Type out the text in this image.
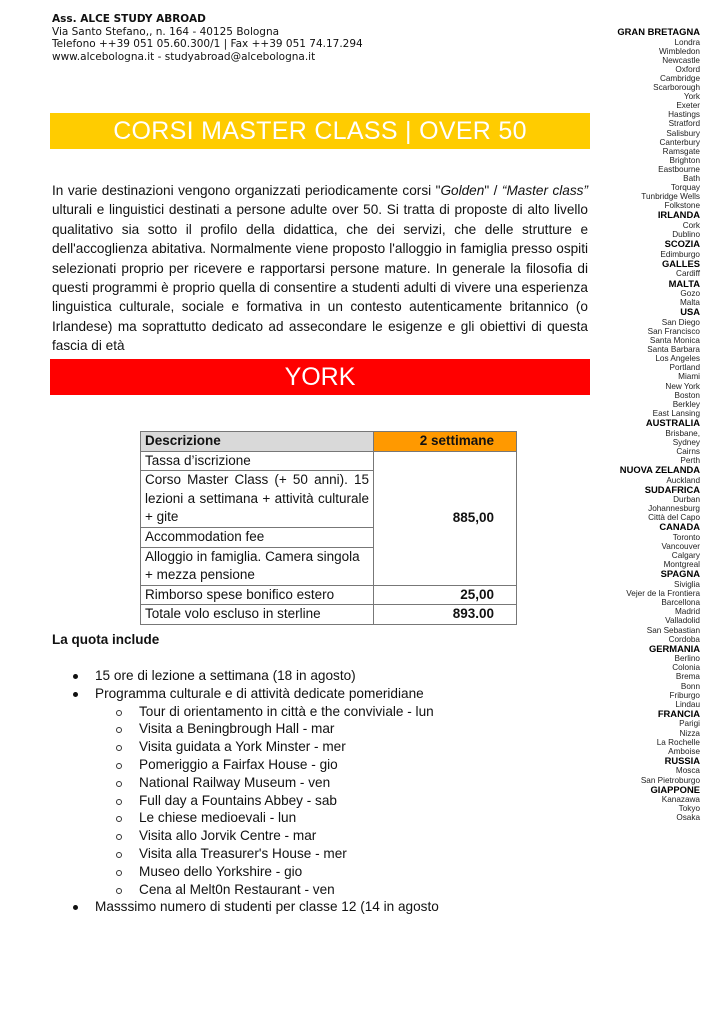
Ass. ALCE STUDY ABROAD
Via Santo Stefano,, n. 164 - 40125 Bologna
Telefono ++39 051 05.60.300/1 | Fax ++39 051 74.17.294
www.alcebologna.it - studyabroad@alcebologna.it
CORSI MASTER CLASS | OVER 50
In varie destinazioni vengono organizzati periodicamente corsi "Golden" / “Master class” ulturali e linguistici destinati a persone adulte over 50. Si tratta di proposte di alto livello qualitativo sia sotto il profilo della didattica, che dei servizi, che delle strutture e dell'accoglienza abitativa. Normalmente viene proposto l'alloggio in famiglia presso ospiti selezionati proprio per ricevere e rapportarsi persone mature. In generale la filosofia di questi programmi è proprio quella di consentire a studenti adulti di vivere una esperienza linguistica culturale, sociale e formativa in un contesto autenticamente britannico (o Irlandese) ma soprattutto dedicato ad assecondare le esigenze e gli obiettivi di questa fascia di età
YORK
Descrizione	2 settimane
Tassa d’iscrizione	885,00
Corso Master Class (+ 50 anni). 15 lezioni a settimana + attività culturale + gite	
Accommodation fee	
Alloggio in famiglia. Camera singola + mezza pensione	
Rimborso spese bonifico estero	25,00
Totale volo escluso in sterline	893.00
La quota include
15 ore di lezione a settimana (18 in agosto)
Programma culturale e di attività dedicate pomeridiane
Tour di orientamento in città e the conviviale - lun
Visita a Beningbrough Hall - mar
Visita guidata a York Minster - mer
Pomeriggio a Fairfax House - gio
National Railway Museum - ven
Full day a Fountains Abbey - sab
Le chiese medioevali - lun
Visita allo Jorvik Centre - mar
Visita alla Treasurer's House - mer
Museo dello Yorkshire - gio
Cena al Melt0n Restaurant - ven
Masssimo numero di studenti per classe 12 (14 in agosto
GRAN BRETAGNA
Londra
Wimbledon
Newcastle
Oxford
Cambridge
Scarborough
York
Exeter
Hastings
Stratford
Salisbury
Canterbury
Ramsgate
Brighton
Eastbourne
Bath
Torquay
Tunbridge Wells
Folkstone
IRLANDA
Cork
Dublino
SCOZIA
Edimburgo
GALLES
Cardiff
MALTA
Gozo
Malta
USA
San Diego
San Francisco
Santa Monica
Santa Barbara
Los Angeles
Portland
Miami
New York
Boston
Berkley
East Lansing
AUSTRALIA
Brisbane,
Sydney
Cairns
Perth
NUOVA ZELANDA
Auckland
SUDAFRICA
Durban
Johannesburg
Città del Capo
CANADA
Toronto
Vancouver
Calgary
Montgreal
SPAGNA
Siviglia
Vejer de la Frontiera
Barcellona
Madrid
Valladolid
San Sebastian
Cordoba
GERMANIA
Berlino
Colonia
Brema
Bonn
Friburgo
Lindau
FRANCIA
Parigi
Nizza
La Rochelle
Amboise
RUSSIA
Mosca
San Pietroburgo
GIAPPONE
Kanazawa
Tokyo
Osaka
